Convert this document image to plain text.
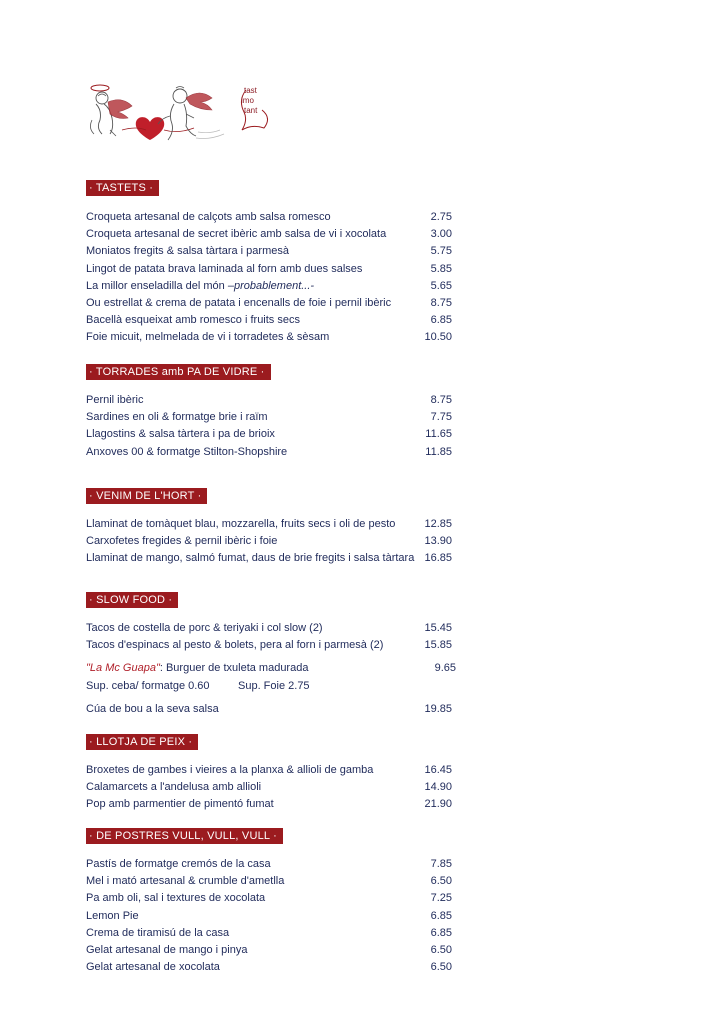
tast
imo
tant
· TASTETS ·
Croqueta artesanal de calçots amb salsa romesco	2.75
Croqueta artesanal de secret ibèric amb salsa de vi i xocolata	3.00
Moniatos fregits & salsa tàrtara i parmesà	5.75
Lingot de patata brava laminada al forn amb dues salses	5.85
La millor enseladilla del món –probablement...-	5.65
Ou estrellat & crema de patata i encenalls de foie i pernil ibèric	8.75
Bacellà esqueixat amb romesco i fruits secs	6.85
Foie micuit, melmelada de vi i torradetes & sèsam	10.50
· TORRADES amb PA DE VIDRE ·
Pernil ibèric	8.75
Sardines en oli & formatge brie i raïm	7.75
Llagostins & salsa tàrtera i pa de brioix	11.65
Anxoves 00 & formatge Stilton-Shopshire	11.85
· VENIM DE L'HORT ·
Llaminat de tomàquet blau, mozzarella, fruits secs i oli de pesto	12.85
Carxofetes fregides & pernil ibèric i foie	13.90
Llaminat de mango, salmó fumat, daus de brie fregits i salsa tàrtara 16.85
· SLOW FOOD ·
Tacos de costella de porc & teriyaki i col slow (2)	15.45
Tacos d'espinacs al pesto & bolets, pera al forn i parmesà (2)	15.85
"La Mc Guapa": Burguer de txuleta madurada	9.65
Sup. ceba/ formatge 0.60	Sup. Foie 2.75
Cúa de bou a la seva salsa	19.85
· LLOTJA DE PEIX ·
Broxetes de gambes i vieires a la planxa & allioli de gamba	16.45
Calamarcets a l'andelusa amb allioli	14.90
Pop amb parmentier de pimentó fumat	21.90
· DE POSTRES VULL, VULL, VULL ·
Pastís de formatge cremós de la casa	7.85
Mel i mató artesanal & crumble d'ametlla	6.50
Pa amb oli, sal i textures de xocolata	7.25
Lemon Pie	6.85
Crema de tiramisú de la casa	6.85
Gelat artesanal de mango i pinya	6.50
Gelat artesanal de xocolata	6.50
